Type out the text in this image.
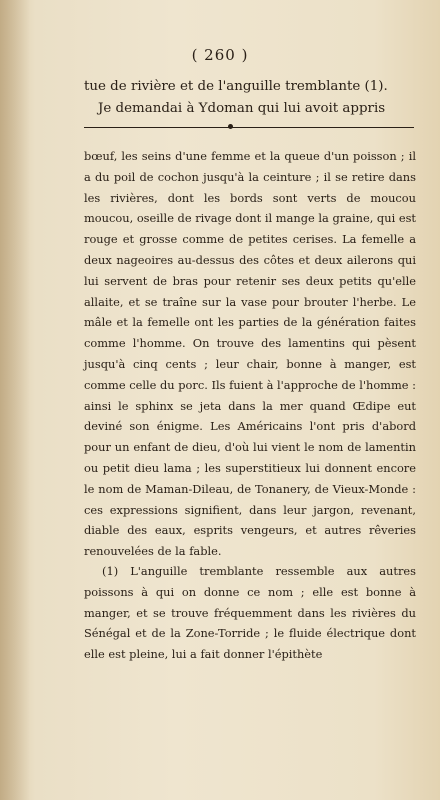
( 260 )
tue de rivière et de l'anguille tremblante (1).
Je demandai à Ydoman qui lui avoit appris

bœuf, les seins d'une femme et la queue d'un poisson ; il a du poil de cochon jusqu'à la ceinture ; il se retire dans les rivières, dont les bords sont verts de moucou moucou, oseille de rivage dont il mange la graine, qui est rouge et grosse comme de petites cerises. La femelle a deux nageoires au-dessus des côtes et deux ailerons qui lui servent de bras pour retenir ses deux petits qu'elle allaite, et se traîne sur la vase pour brouter l'herbe. Le mâle et la femelle ont les parties de la génération faites comme l'homme. On trouve des lamentins qui pèsent jusqu'à cinq cents ; leur chair, bonne à manger, est comme celle du porc. Ils fuient à l'approche de l'homme : ainsi le sphinx se jeta dans la mer quand Œdipe eut deviné son énigme. Les Américains l'ont pris d'abord pour un enfant de dieu, d'où lui vient le nom de lamentin ou petit dieu lama ; les superstitieux lui donnent encore le nom de Maman-Dileau, de Tonanery, de Vieux-Monde : ces expressions signifient, dans leur jargon, revenant, diable des eaux, esprits vengeurs, et autres rêveries renouvelées de la fable.

(1) L'anguille tremblante ressemble aux autres poissons à qui on donne ce nom ; elle est bonne à manger, et se trouve fréquemment dans les rivières du Sénégal et de la Zone-Torride ; le fluide électrique dont elle est pleine, lui a fait donner l'épithète
